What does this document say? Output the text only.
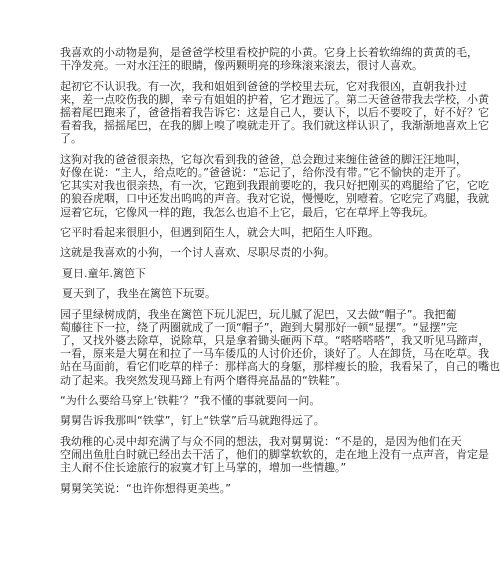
我喜欢的小动物是狗，是爸爸学校里看校护院的小黄。它身上长着软绵绵的黄黄的毛，
干净发亮。一对水汪汪的眼睛，像两颗明亮的珍珠滚来滚去，很讨人喜欢。
起初它不认识我。有一次，我和姐姐到爸爸的学校里去玩，它对我很凶，直朝我扑过
来，差一点咬伤我的脚，幸亏有姐姐的护着，它才跑远了。第二天爸爸带我去学校，小黄
摇着尾巴跑来了，爸爸指着我告诉它：这是自己人，要认下，以后不要咬了，好不好？它
看着我，摇摇尾巴，在我的脚上嗅了嗅就走开了。我们就这样认识了，我渐渐地喜欢上它
了。
这狗对我的爸爸很亲热，它每次看到我的爸爸，总会跑过来缠住爸爸的脚汪汪地叫，
好像在说：“主人，给点吃的。”爸爸说：“忘记了，给你没有带。”它不愉快的走开了。
它其实对我也很亲热，有一次，它跑到我跟前要吃的，我只好把刚买的鸡腿给了它，它吃
的狼吞虎咽，口中还发出呜呜的声音。我对它说，慢慢吃，别噎着。它吃完了鸡腿，我就
逗着它玩，它像风一样的跑，我怎么也追不上它，最后，它在草坪上等我玩。
它平时看起来很胆小，但遇到陌生人，就会大叫，把陌生人吓跑。
这就是我喜欢的小狗，一个讨人喜欢、尽职尽责的小狗。
夏日.童年.篱笆下
夏天到了，我坐在篱笆下玩耍。
园子里绿树成荫，我坐在篱笆下玩儿泥巴，玩儿腻了泥巴，又去做“帽子”。我把葡
萄藤往下一拉，绕了两圈就成了一顶“帽子”，跑到大舅那好一顿“显摆”。“显摆”完
了，又找外婆去除草，说除草，只是拿着锄头砸两下草。“嗒嗒嗒嗒”，我又听见马蹄声，
一看，原来是大舅在和拉了一马车倭瓜的人讨价还价，谈好了。人在卸货，马在吃草。我
站在马面前，看它们吃草的样子：那样高大的身躯，那样瘦长的脸，我看呆了，自己的嘴也
动了起来。我突然发现马蹄上有两个磨得亮晶晶的“铁鞋”。
“为什么要给马穿上‘铁鞋’？”我不懂的事就要问一问。
舅舅告诉我那叫“铁掌”，钉上“铁掌”后马就跑得远了。
我幼稚的心灵中却充满了与众不同的想法，我对舅舅说：“不是的，是因为他们在天
空闹出鱼肚白时就已经出去干活了，他们的脚掌软软的，走在地上没有一点声音，肯定是
主人耐不住长途旅行的寂寞才钉上马掌的，增加一些情趣。”
舅舅笑笑说：“也许你想得更美些。”
